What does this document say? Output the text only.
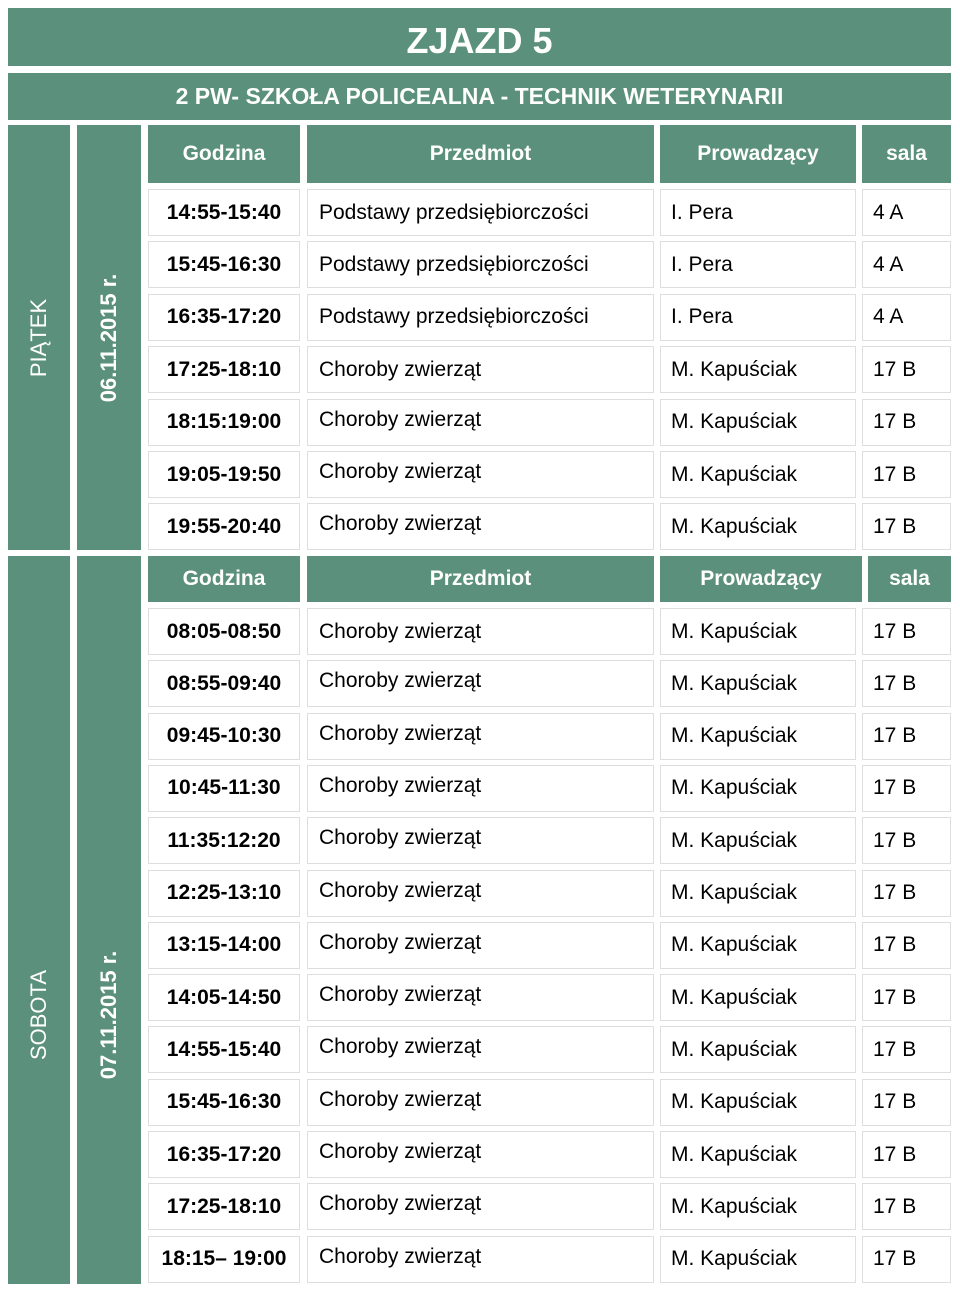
ZJAZD 5
2 PW- SZKOŁA POLICEALNA - TECHNIK WETERYNARII
PIĄTEK 06.11.2015 r.
Godzina	Przedmiot	Prowadzący	sala
14:55-15:40 Podstawy przedsiębiorczości	I. Pera	4 A
15:45-16:30 Podstawy przedsiębiorczości	I. Pera	4 A
16:35-17:20 Podstawy przedsiębiorczości	I. Pera	4 A
17:25-18:10 Choroby zwierząt	M. Kapuściak	17 B
18:15:19:00 Choroby zwierząt	M. Kapuściak	17 B
19:05-19:50 Choroby zwierząt	M. Kapuściak	17 B
19:55-20:40 Choroby zwierząt	M. Kapuściak	17 B
SOBOTA 07.11.2015 r.
Godzina	Przedmiot	Prowadzący	sala
08:05-08:50 Choroby zwierząt	M. Kapuściak	17 B
08:55-09:40 Choroby zwierząt	M. Kapuściak	17 B
09:45-10:30 Choroby zwierząt	M. Kapuściak	17 B
10:45-11:30 Choroby zwierząt	M. Kapuściak	17 B
11:35:12:20 Choroby zwierząt	M. Kapuściak	17 B
12:25-13:10 Choroby zwierząt	M. Kapuściak	17 B
13:15-14:00 Choroby zwierząt	M. Kapuściak	17 B
14:05-14:50 Choroby zwierząt	M. Kapuściak	17 B
14:55-15:40 Choroby zwierząt	M. Kapuściak	17 B
15:45-16:30 Choroby zwierząt	M. Kapuściak	17 B
16:35-17:20 Choroby zwierząt	M. Kapuściak	17 B
17:25-18:10 Choroby zwierząt	M. Kapuściak	17 B
18:15– 19:00 Choroby zwierząt	M. Kapuściak	17 B
